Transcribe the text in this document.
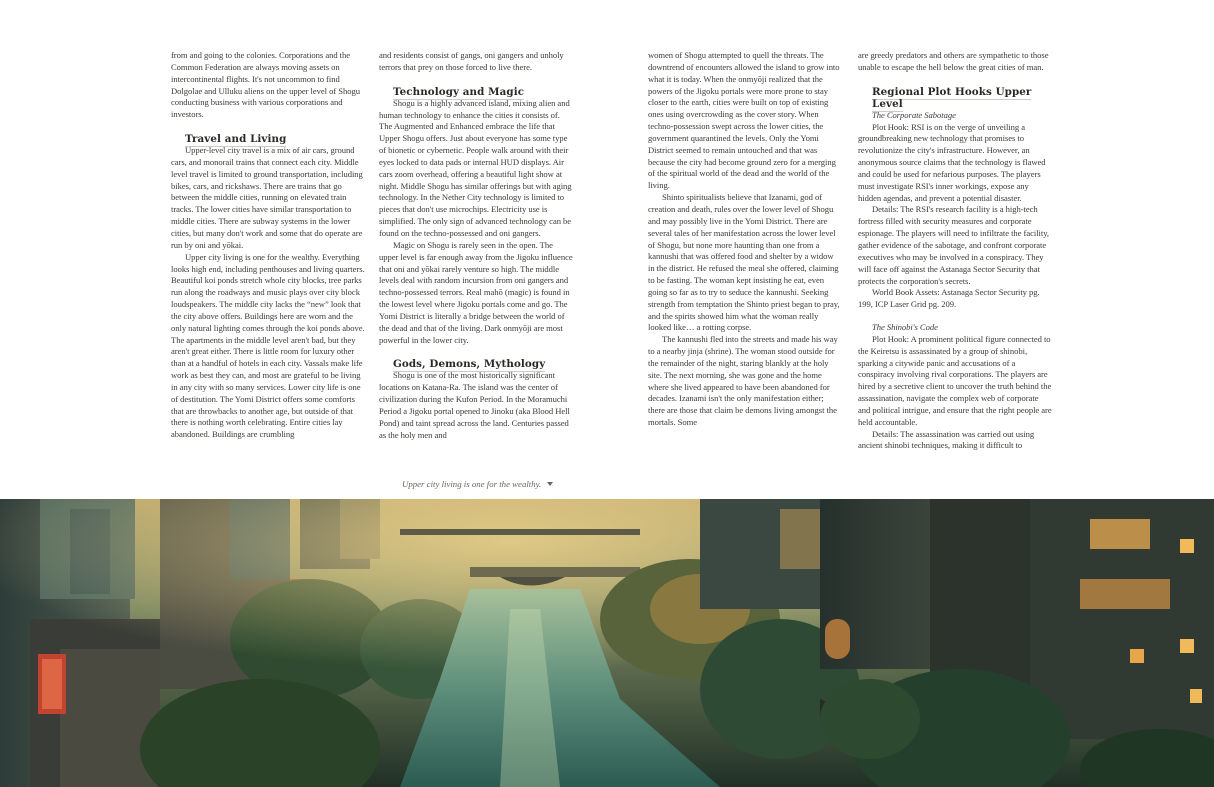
from and going to the colonies. Corporations and the Common Federation are always moving assets on intercontinental flights. It's not uncommon to find Dolgolae and Ulluku aliens on the upper level of Shogu conducting business with various corporations and investors.

Travel and Living

Upper-level city travel is a mix of air cars, ground cars, and monorail trains that connect each city. Middle level travel is limited to ground transportation, including bikes, cars, and rickshaws. There are trains that go between the middle cities, running on elevated train tracks. The lower cities have similar transportation to middle cities. There are subway systems in the lower cities, but many don't work and some that do operate are run by oni and yōkai.

Upper city living is one for the wealthy. Everything looks high end, including penthouses and living quarters. Beautiful koi ponds stretch whole city blocks, tree parks run along the roadways and music plays over city block loudspeakers. The middle city lacks the “new” look that the city above offers. Buildings here are worn and the only natural lighting comes through the koi ponds above. The apartments in the middle level aren't bad, but they aren't great either. There is little room for luxury other than at a handful of hotels in each city. Vassals make life work as best they can, and most are grateful to be living in any city with so many services. Lower city life is one of destitution. The Yomi District offers some comforts that are throwbacks to another age, but outside of that there is nothing worth celebrating. Entire cities lay abandoned. Buildings are crumbling

and residents consist of gangs, oni gangers and unholy terrors that prey on those forced to live there.

Technology and Magic

Shogu is a highly advanced island, mixing alien and human technology to enhance the cities it consists of. The Augmented and Enhanced embrace the life that Upper Shogu offers. Just about everyone has some type of bionetic or cybernetic. People walk around with their eyes locked to data pads or internal HUD displays. Air cars zoom overhead, offering a beautiful light show at night. Middle Shogu has similar offerings but with aging technology. In the Nether City technology is limited to pieces that don't use microchips. Electricity use is simplified. The only sign of advanced technology can be found on the techno-possessed and oni gangers.

Magic on Shogu is rarely seen in the open. The upper level is far enough away from the Jigoku influence that oni and yōkai rarely venture so high. The middle levels deal with random incursion from oni gangers and techno-possessed terrors. Real mahō (magic) is found in the lowest level where Jigoku portals come and go. The Yomi District is literally a bridge between the world of the dead and that of the living. Dark onmyōji are most powerful in the lower city.

Gods, Demons, Mythology

Shogu is one of the most historically significant locations on Katana-Ra. The island was the center of civilization during the Kufon Period. In the Moramuchi Period a Jigoku portal opened to Jinoku (aka Blood Hell Pond) and taint spread across the land. Centuries passed as the holy men and

women of Shogu attempted to quell the threats. The downtrend of encounters allowed the island to grow into what it is today. When the onmyōji realized that the powers of the Jigoku portals were more prone to stay closer to the earth, cities were built on top of existing ones using overcrowding as the cover story. When techno-possession swept across the lower cities, the government quarantined the levels. Only the Yomi District seemed to remain untouched and that was because the city had become ground zero for a merging of the spiritual world of the dead and the world of the living.

Shinto spiritualists believe that Izanami, god of creation and death, rules over the lower level of Shogu and may possibly live in the Yomi District. There are several tales of her manifestation across the lower level of Shogu, but none more haunting than one from a kannushi that was offered food and shelter by a widow in the district. He refused the meal she offered, claiming to be fasting. The woman kept insisting he eat, even going so far as to try to seduce the kannushi. Seeking strength from temptation the Shinto priest began to pray, and the spirits showed him what the woman really looked like… a rotting corpse.

The kannushi fled into the streets and made his way to a nearby jinja (shrine). The woman stood outside for the remainder of the night, staring blankly at the holy site. The next morning, she was gone and the home where she lived appeared to have been abandoned for decades. Izanami isn't the only manifestation either; there are those that claim be demons living amongst the mortals. Some

are greedy predators and others are sympathetic to those unable to escape the hell below the great cities of man.

Regional Plot Hooks Upper Level

The Corporate Sabotage

Plot Hook: RSI is on the verge of unveiling a groundbreaking new technology that promises to revolutionize the city's infrastructure. However, an anonymous source claims that the technology is flawed and could be used for nefarious purposes. The players must investigate RSI's inner workings, expose any hidden agendas, and prevent a potential disaster.

Details: The RSI's research facility is a high-tech fortress filled with security measures and corporate espionage. The players will need to infiltrate the facility, gather evidence of the sabotage, and confront corporate executives who may be involved in a conspiracy. They will face off against the Astanaga Sector Security that protects the corporation's secrets.

World Book Assets: Astanaga Sector Security pg. 199, ICP Laser Grid pg. 209.

The Shinobi's Code

Plot Hook: A prominent political figure connected to the Keiretsu is assassinated by a group of shinobi, sparking a citywide panic and accusations of a conspiracy involving rival corporations. The players are hired by a secretive client to uncover the truth behind the assassination, navigate the complex web of corporate and political intrigue, and ensure that the right people are held accountable.

Details: The assassination was carried out using ancient shinobi techniques, making it difficult to

Upper city living is one for the wealthy.
